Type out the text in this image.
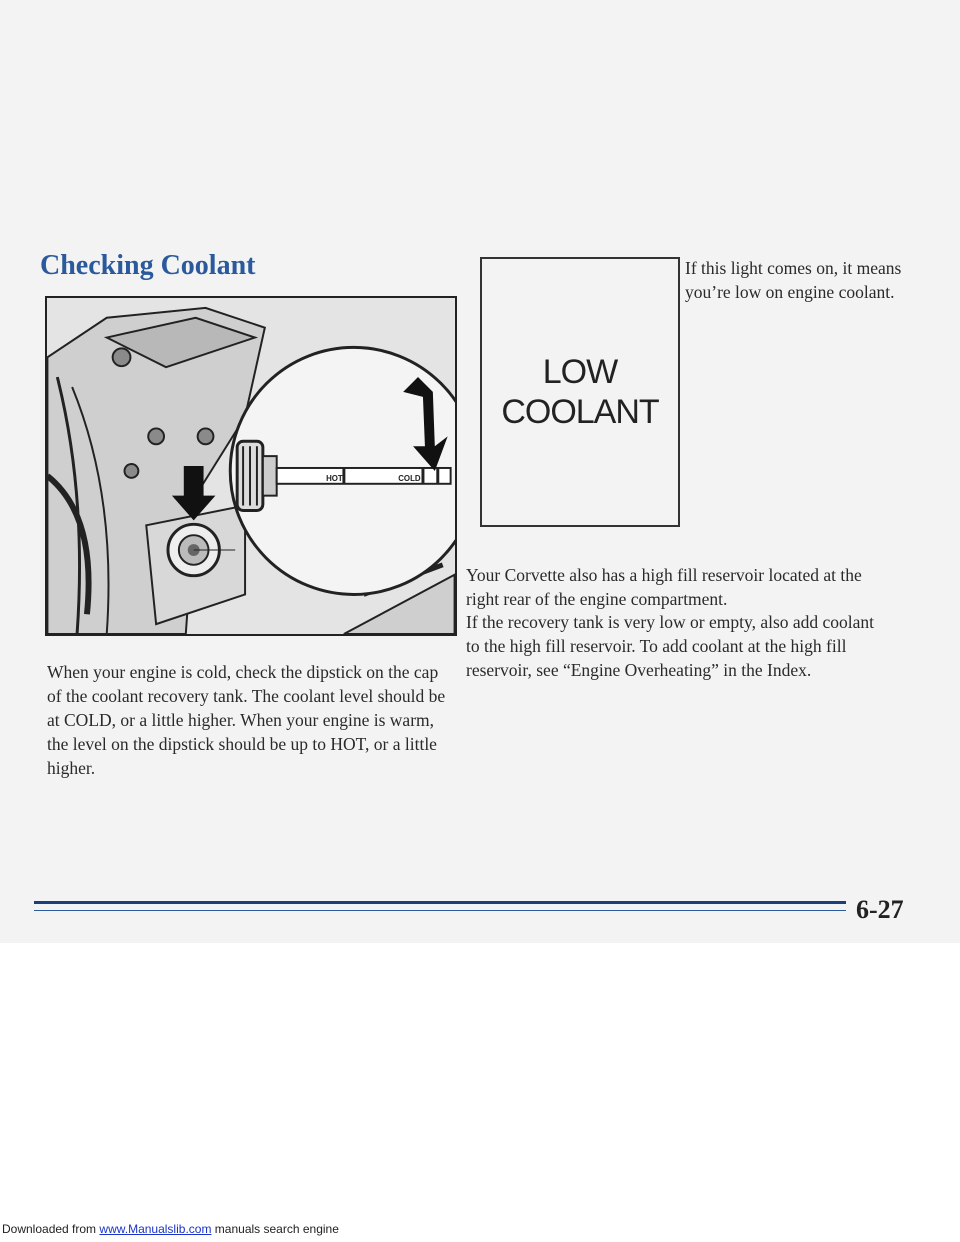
Checking Coolant
HOT	COLD

When your engine is cold, check the dipstick on the cap of the coolant recovery tank. The coolant level should be at COLD, or a little higher. When your engine is warm, the level on the dipstick should be up to HOT, or a little higher.

LOW
COOLANT

If this light comes on, it means you’re low on engine coolant.

Your Corvette also has a high fill reservoir located at the right rear of the engine compartment.

If the recovery tank is very low or empty, also add coolant to the high fill reservoir. To add coolant at the high fill reservoir, see “Engine Overheating” in the Index.

6-27
Downloaded from www.Manualslib.com manuals search engine
